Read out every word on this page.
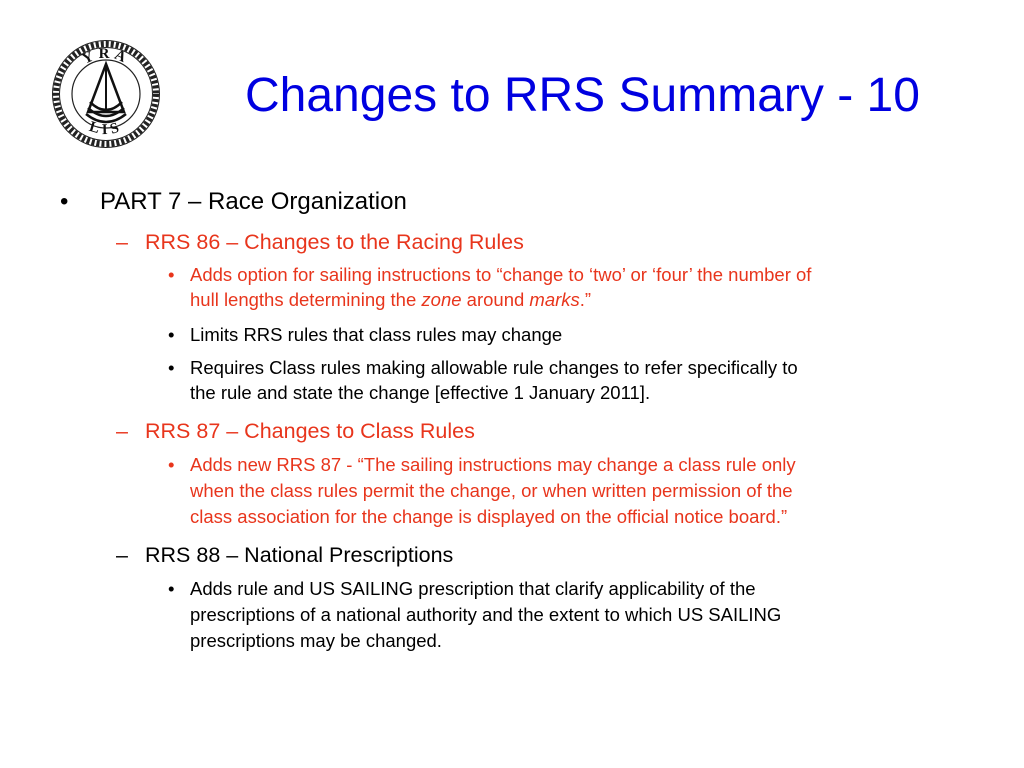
YRA
LIS
Changes to RRS Summary - 10
• PART 7 – Race Organization
– RRS 86 – Changes to the Racing Rules
• Adds option for sailing instructions to “change to ‘two’ or ‘four’ the number of
hull lengths determining the zone around marks.”
• Limits RRS rules that class rules may change
• Requires Class rules making allowable rule changes to refer specifically to
the rule and state the change [effective 1 January 2011].
– RRS 87 – Changes to Class Rules
• Adds new RRS 87 - “The sailing instructions may change a class rule only
when the class rules permit the change, or when written permission of the
class association for the change is displayed on the official notice board.”
– RRS 88 – National Prescriptions
• Adds rule and US SAILING prescription that clarify applicability of the
prescriptions of a national authority and the extent to which US SAILING
prescriptions may be changed.
